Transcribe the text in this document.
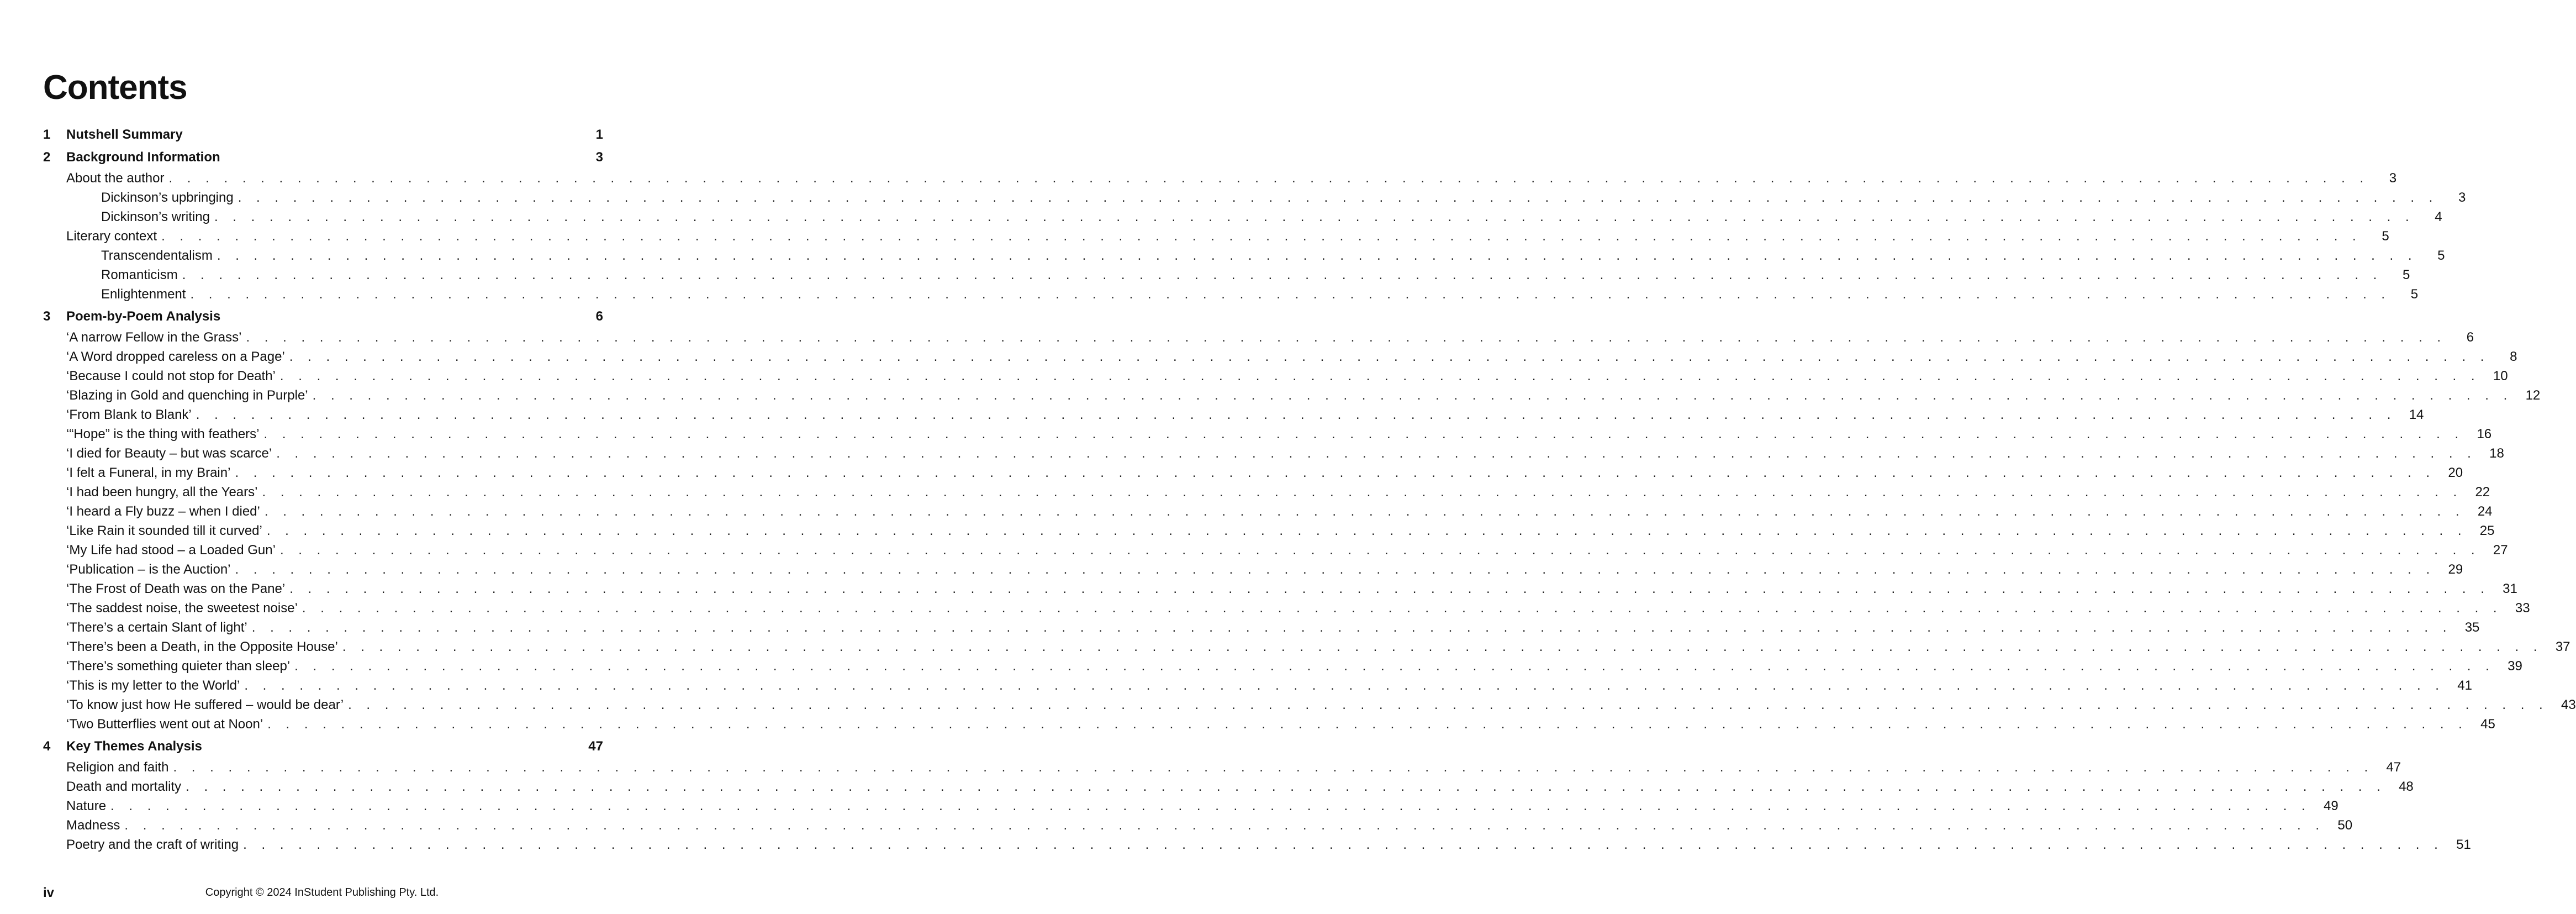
Contents
1	Nutshell Summary	1
2	Background Information	3
About the author . . . . . . . . . . . . . . . . . . . . . . . . . . . . . . . . . . . . . . . . . . . . . . . . . . . . . . . . . . . . . . . . . . . . . . . . . . . . . . . . . . . . . . . . . . . . . . . . . . . . . . . . . . . . . . . . . . . . . . . .	3
Dickinson’s upbringing . . . . . . . . . . . . . . . . . . . . . . . . . . . . . . . . . . . . . . . . . . . . . . . . . . . . . . . . . . . . . . . . . . . . . . . . . . . . . . . . . . . . . . . . . . . . . . . . . . . . . . . . . . . . . . . . . . . . . . . .	3
Dickinson’s writing . . . . . . . . . . . . . . . . . . . . . . . . . . . . . . . . . . . . . . . . . . . . . . . . . . . . . . . . . . . . . . . . . . . . . . . . . . . . . . . . . . . . . . . . . . . . . . . . . . . . . . . . . . . . . . . . . . . . . . . .	4
Literary context . . . . . . . . . . . . . . . . . . . . . . . . . . . . . . . . . . . . . . . . . . . . . . . . . . . . . . . . . . . . . . . . . . . . . . . . . . . . . . . . . . . . . . . . . . . . . . . . . . . . . . . . . . . . . . . . . . . . . . . .	5
Transcendentalism . . . . . . . . . . . . . . . . . . . . . . . . . . . . . . . . . . . . . . . . . . . . . . . . . . . . . . . . . . . . . . . . . . . . . . . . . . . . . . . . . . . . . . . . . . . . . . . . . . . . . . . . . . . . . . . . . . . . . . . .	5
Romanticism . . . . . . . . . . . . . . . . . . . . . . . . . . . . . . . . . . . . . . . . . . . . . . . . . . . . . . . . . . . . . . . . . . . . . . . . . . . . . . . . . . . . . . . . . . . . . . . . . . . . . . . . . . . . . . . . . . . . . . . .	5
Enlightenment . . . . . . . . . . . . . . . . . . . . . . . . . . . . . . . . . . . . . . . . . . . . . . . . . . . . . . . . . . . . . . . . . . . . . . . . . . . . . . . . . . . . . . . . . . . . . . . . . . . . . . . . . . . . . . . . . . . . . . . .	5
3	Poem-by-Poem Analysis	6
‘A narrow Fellow in the Grass’ . . . . . . . . . . . . . . . . . . . . . . . . . . . . . . . . . . . . . . . . . . . . . . . . . . . . . . . . . . . . . . . . . . . . . . . . . . . . . . . . . . . . . . . . . . . . . . . . . . . . . . . . . . . . . . . . . . . . . . . .	6
‘A Word dropped careless on a Page’ . . . . . . . . . . . . . . . . . . . . . . . . . . . . . . . . . . . . . . . . . . . . . . . . . . . . . . . . . . . . . . . . . . . . . . . . . . . . . . . . . . . . . . . . . . . . . . . . . . . . . . . . . . . . . . . . . . . . . . . .	8
‘Because I could not stop for Death’ . . . . . . . . . . . . . . . . . . . . . . . . . . . . . . . . . . . . . . . . . . . . . . . . . . . . . . . . . . . . . . . . . . . . . . . . . . . . . . . . . . . . . . . . . . . . . . . . . . . . . . . . . . . . . . . . . . . . . . . . 10
‘Blazing in Gold and quenching in Purple’ . . . . . . . . . . . . . . . . . . . . . . . . . . . . . . . . . . . . . . . . . . . . . . . . . . . . . . . . . . . . . . . . . . . . . . . . . . . . . . . . . . . . . . . . . . . . . . . . . . . . . . . . . . . . . . . . . . . . . . . . 12
‘From Blank to Blank’ . . . . . . . . . . . . . . . . . . . . . . . . . . . . . . . . . . . . . . . . . . . . . . . . . . . . . . . . . . . . . . . . . . . . . . . . . . . . . . . . . . . . . . . . . . . . . . . . . . . . . . . . . . . . . . . . . . . . . . . . 14
‘“Hope” is the thing with feathers’ . . . . . . . . . . . . . . . . . . . . . . . . . . . . . . . . . . . . . . . . . . . . . . . . . . . . . . . . . . . . . . . . . . . . . . . . . . . . . . . . . . . . . . . . . . . . . . . . . . . . . . . . . . . . . . . . . . . . . . . . 16
‘I died for Beauty – but was scarce’ . . . . . . . . . . . . . . . . . . . . . . . . . . . . . . . . . . . . . . . . . . . . . . . . . . . . . . . . . . . . . . . . . . . . . . . . . . . . . . . . . . . . . . . . . . . . . . . . . . . . . . . . . . . . . . . . . . . . . . . . 18
‘I felt a Funeral, in my Brain’ . . . . . . . . . . . . . . . . . . . . . . . . . . . . . . . . . . . . . . . . . . . . . . . . . . . . . . . . . . . . . . . . . . . . . . . . . . . . . . . . . . . . . . . . . . . . . . . . . . . . . . . . . . . . . . . . . . . . . . . . 20
‘I had been hungry, all the Years’ . . . . . . . . . . . . . . . . . . . . . . . . . . . . . . . . . . . . . . . . . . . . . . . . . . . . . . . . . . . . . . . . . . . . . . . . . . . . . . . . . . . . . . . . . . . . . . . . . . . . . . . . . . . . . . . . . . . . . . . . 22
‘I heard a Fly buzz – when I died’ . . . . . . . . . . . . . . . . . . . . . . . . . . . . . . . . . . . . . . . . . . . . . . . . . . . . . . . . . . . . . . . . . . . . . . . . . . . . . . . . . . . . . . . . . . . . . . . . . . . . . . . . . . . . . . . . . . . . . . . . 24
‘Like Rain it sounded till it curved’ . . . . . . . . . . . . . . . . . . . . . . . . . . . . . . . . . . . . . . . . . . . . . . . . . . . . . . . . . . . . . . . . . . . . . . . . . . . . . . . . . . . . . . . . . . . . . . . . . . . . . . . . . . . . . . . . . . . . . . . . 25
‘My Life had stood – a Loaded Gun’ . . . . . . . . . . . . . . . . . . . . . . . . . . . . . . . . . . . . . . . . . . . . . . . . . . . . . . . . . . . . . . . . . . . . . . . . . . . . . . . . . . . . . . . . . . . . . . . . . . . . . . . . . . . . . . . . . . . . . . . . 27
‘Publication – is the Auction’ . . . . . . . . . . . . . . . . . . . . . . . . . . . . . . . . . . . . . . . . . . . . . . . . . . . . . . . . . . . . . . . . . . . . . . . . . . . . . . . . . . . . . . . . . . . . . . . . . . . . . . . . . . . . . . . . . . . . . . . . 29
‘The Frost of Death was on the Pane’ . . . . . . . . . . . . . . . . . . . . . . . . . . . . . . . . . . . . . . . . . . . . . . . . . . . . . . . . . . . . . . . . . . . . . . . . . . . . . . . . . . . . . . . . . . . . . . . . . . . . . . . . . . . . . . . . . . . . . . . . 31
‘The saddest noise, the sweetest noise’ . . . . . . . . . . . . . . . . . . . . . . . . . . . . . . . . . . . . . . . . . . . . . . . . . . . . . . . . . . . . . . . . . . . . . . . . . . . . . . . . . . . . . . . . . . . . . . . . . . . . . . . . . . . . . . . . . . . . . . . . 33
‘There’s a certain Slant of light’ . . . . . . . . . . . . . . . . . . . . . . . . . . . . . . . . . . . . . . . . . . . . . . . . . . . . . . . . . . . . . . . . . . . . . . . . . . . . . . . . . . . . . . . . . . . . . . . . . . . . . . . . . . . . . . . . . . . . . . . . 35
‘There’s been a Death, in the Opposite House’ . . . . . . . . . . . . . . . . . . . . . . . . . . . . . . . . . . . . . . . . . . . . . . . . . . . . . . . . . . . . . . . . . . . . . . . . . . . . . . . . . . . . . . . . . . . . . . . . . . . . . . . . . . . . . . . . . . . . . . . . 37
‘There’s something quieter than sleep’ . . . . . . . . . . . . . . . . . . . . . . . . . . . . . . . . . . . . . . . . . . . . . . . . . . . . . . . . . . . . . . . . . . . . . . . . . . . . . . . . . . . . . . . . . . . . . . . . . . . . . . . . . . . . . . . . . . . . . . . . 39
‘This is my letter to the World’ . . . . . . . . . . . . . . . . . . . . . . . . . . . . . . . . . . . . . . . . . . . . . . . . . . . . . . . . . . . . . . . . . . . . . . . . . . . . . . . . . . . . . . . . . . . . . . . . . . . . . . . . . . . . . . . . . . . . . . . . 41
‘To know just how He suffered – would be dear’ . . . . . . . . . . . . . . . . . . . . . . . . . . . . . . . . . . . . . . . . . . . . . . . . . . . . . . . . . . . . . . . . . . . . . . . . . . . . . . . . . . . . . . . . . . . . . . . . . . . . . . . . . . . . . . . . . . . . . . . . 43
‘Two Butterflies went out at Noon’ . . . . . . . . . . . . . . . . . . . . . . . . . . . . . . . . . . . . . . . . . . . . . . . . . . . . . . . . . . . . . . . . . . . . . . . . . . . . . . . . . . . . . . . . . . . . . . . . . . . . . . . . . . . . . . . . . . . . . . . . 45
4	Key Themes Analysis	47
Religion and faith . . . . . . . . . . . . . . . . . . . . . . . . . . . . . . . . . . . . . . . . . . . . . . . . . . . . . . . . . . . . . . . . . . . . . . . . . . . . . . . . . . . . . . . . . . . . . . . . . . . . . . . . . . . . . . . . . . . . . . . . 47
Death and mortality . . . . . . . . . . . . . . . . . . . . . . . . . . . . . . . . . . . . . . . . . . . . . . . . . . . . . . . . . . . . . . . . . . . . . . . . . . . . . . . . . . . . . . . . . . . . . . . . . . . . . . . . . . . . . . . . . . . . . . . . 48
Nature . . . . . . . . . . . . . . . . . . . . . . . . . . . . . . . . . . . . . . . . . . . . . . . . . . . . . . . . . . . . . . . . . . . . . . . . . . . . . . . . . . . . . . . . . . . . . . . . . . . . . . . . . . . . . . . . . . . . . . . . 49
Madness . . . . . . . . . . . . . . . . . . . . . . . . . . . . . . . . . . . . . . . . . . . . . . . . . . . . . . . . . . . . . . . . . . . . . . . . . . . . . . . . . . . . . . . . . . . . . . . . . . . . . . . . . . . . . . . . . . . . . . . . 50
Poetry and the craft of writing . . . . . . . . . . . . . . . . . . . . . . . . . . . . . . . . . . . . . . . . . . . . . . . . . . . . . . . . . . . . . . . . . . . . . . . . . . . . . . . . . . . . . . . . . . . . . . . . . . . . . . . . . . . . . . . . . . . . . . . . 51
iv	Copyright © 2024 InStudent Publishing Pty. Ltd.
